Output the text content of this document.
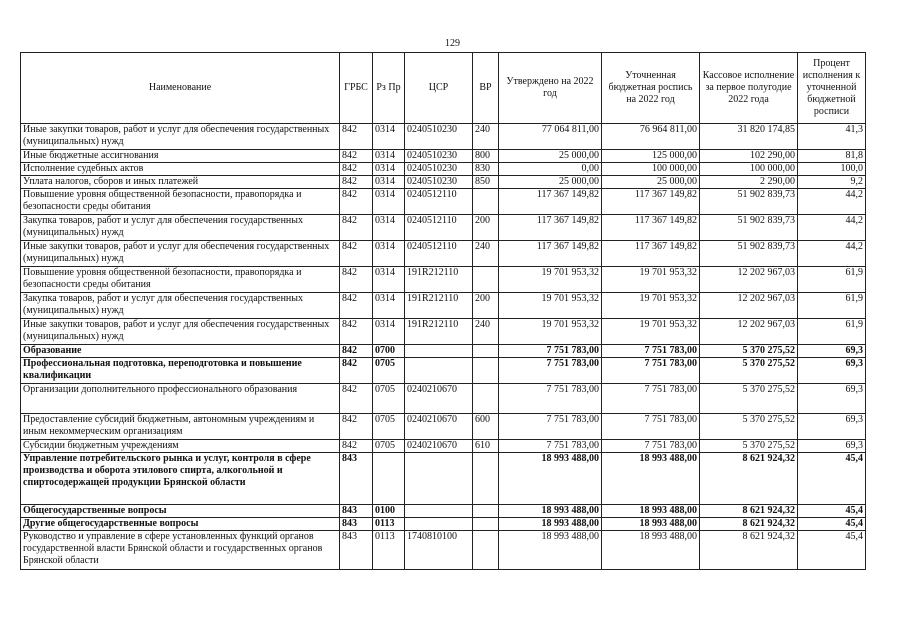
129
Наименование	ГРБС	Рз Пр	ЦСР	ВР	Утверждено на 2022 год	Уточненная бюджетная роспись на 2022 год	Кассовое исполнение за первое полугодие 2022 года	Процент исполнения к уточненной бюджетной росписи
Иные закупки товаров, работ и услуг для обеспечения государственных (муниципальных) нужд	842	0314	0240510230	240	77 064 811,00	76 964 811,00	31 820 174,85	41,3
Иные бюджетные ассигнования	842	0314	0240510230	800	25 000,00	125 000,00	102 290,00	81,8
Исполнение судебных актов	842	0314	0240510230	830	0,00	100 000,00	100 000,00	100,0
Уплата налогов, сборов и иных платежей	842	0314	0240510230	850	25 000,00	25 000,00	2 290,00	9,2
Повышение уровня общественной безопасности, правопорядка и безопасности среды обитания	842	0314	0240512110		117 367 149,82	117 367 149,82	51 902 839,73	44,2
Закупка товаров, работ и услуг для обеспечения государственных (муниципальных) нужд	842	0314	0240512110	200	117 367 149,82	117 367 149,82	51 902 839,73	44,2
Иные закупки товаров, работ и услуг для обеспечения государственных (муниципальных) нужд	842	0314	0240512110	240	117 367 149,82	117 367 149,82	51 902 839,73	44,2
Повышение уровня общественной безопасности, правопорядка и безопасности среды обитания	842	0314	191R212110		19 701 953,32	19 701 953,32	12 202 967,03	61,9
Закупка товаров, работ и услуг для обеспечения государственных (муниципальных) нужд	842	0314	191R212110	200	19 701 953,32	19 701 953,32	12 202 967,03	61,9
Иные закупки товаров, работ и услуг для обеспечения государственных (муниципальных) нужд	842	0314	191R212110	240	19 701 953,32	19 701 953,32	12 202 967,03	61,9
Образование	842	0700			7 751 783,00	7 751 783,00	5 370 275,52	69,3
Профессиональная подготовка, переподготовка и повышение квалификации	842	0705			7 751 783,00	7 751 783,00	5 370 275,52	69,3
Организации дополнительного профессионального образования	842	0705	0240210670		7 751 783,00	7 751 783,00	5 370 275,52	69,3
Предоставление субсидий бюджетным, автономным учреждениям и иным некоммерческим организациям	842	0705	0240210670	600	7 751 783,00	7 751 783,00	5 370 275,52	69,3
Субсидии бюджетным учреждениям	842	0705	0240210670	610	7 751 783,00	7 751 783,00	5 370 275,52	69,3
Управление потребительского рынка и услуг, контроля в сфере производства и оборота этилового спирта, алкогольной и спиртосодержащей продукции Брянской области	843				18 993 488,00	18 993 488,00	8 621 924,32	45,4
Общегосударственные вопросы	843	0100			18 993 488,00	18 993 488,00	8 621 924,32	45,4
Другие общегосударственные вопросы	843	0113			18 993 488,00	18 993 488,00	8 621 924,32	45,4
Руководство и управление в сфере установленных функций органов государственной власти Брянской области и государственных органов Брянской области	843	0113	1740810100		18 993 488,00	18 993 488,00	8 621 924,32	45,4
